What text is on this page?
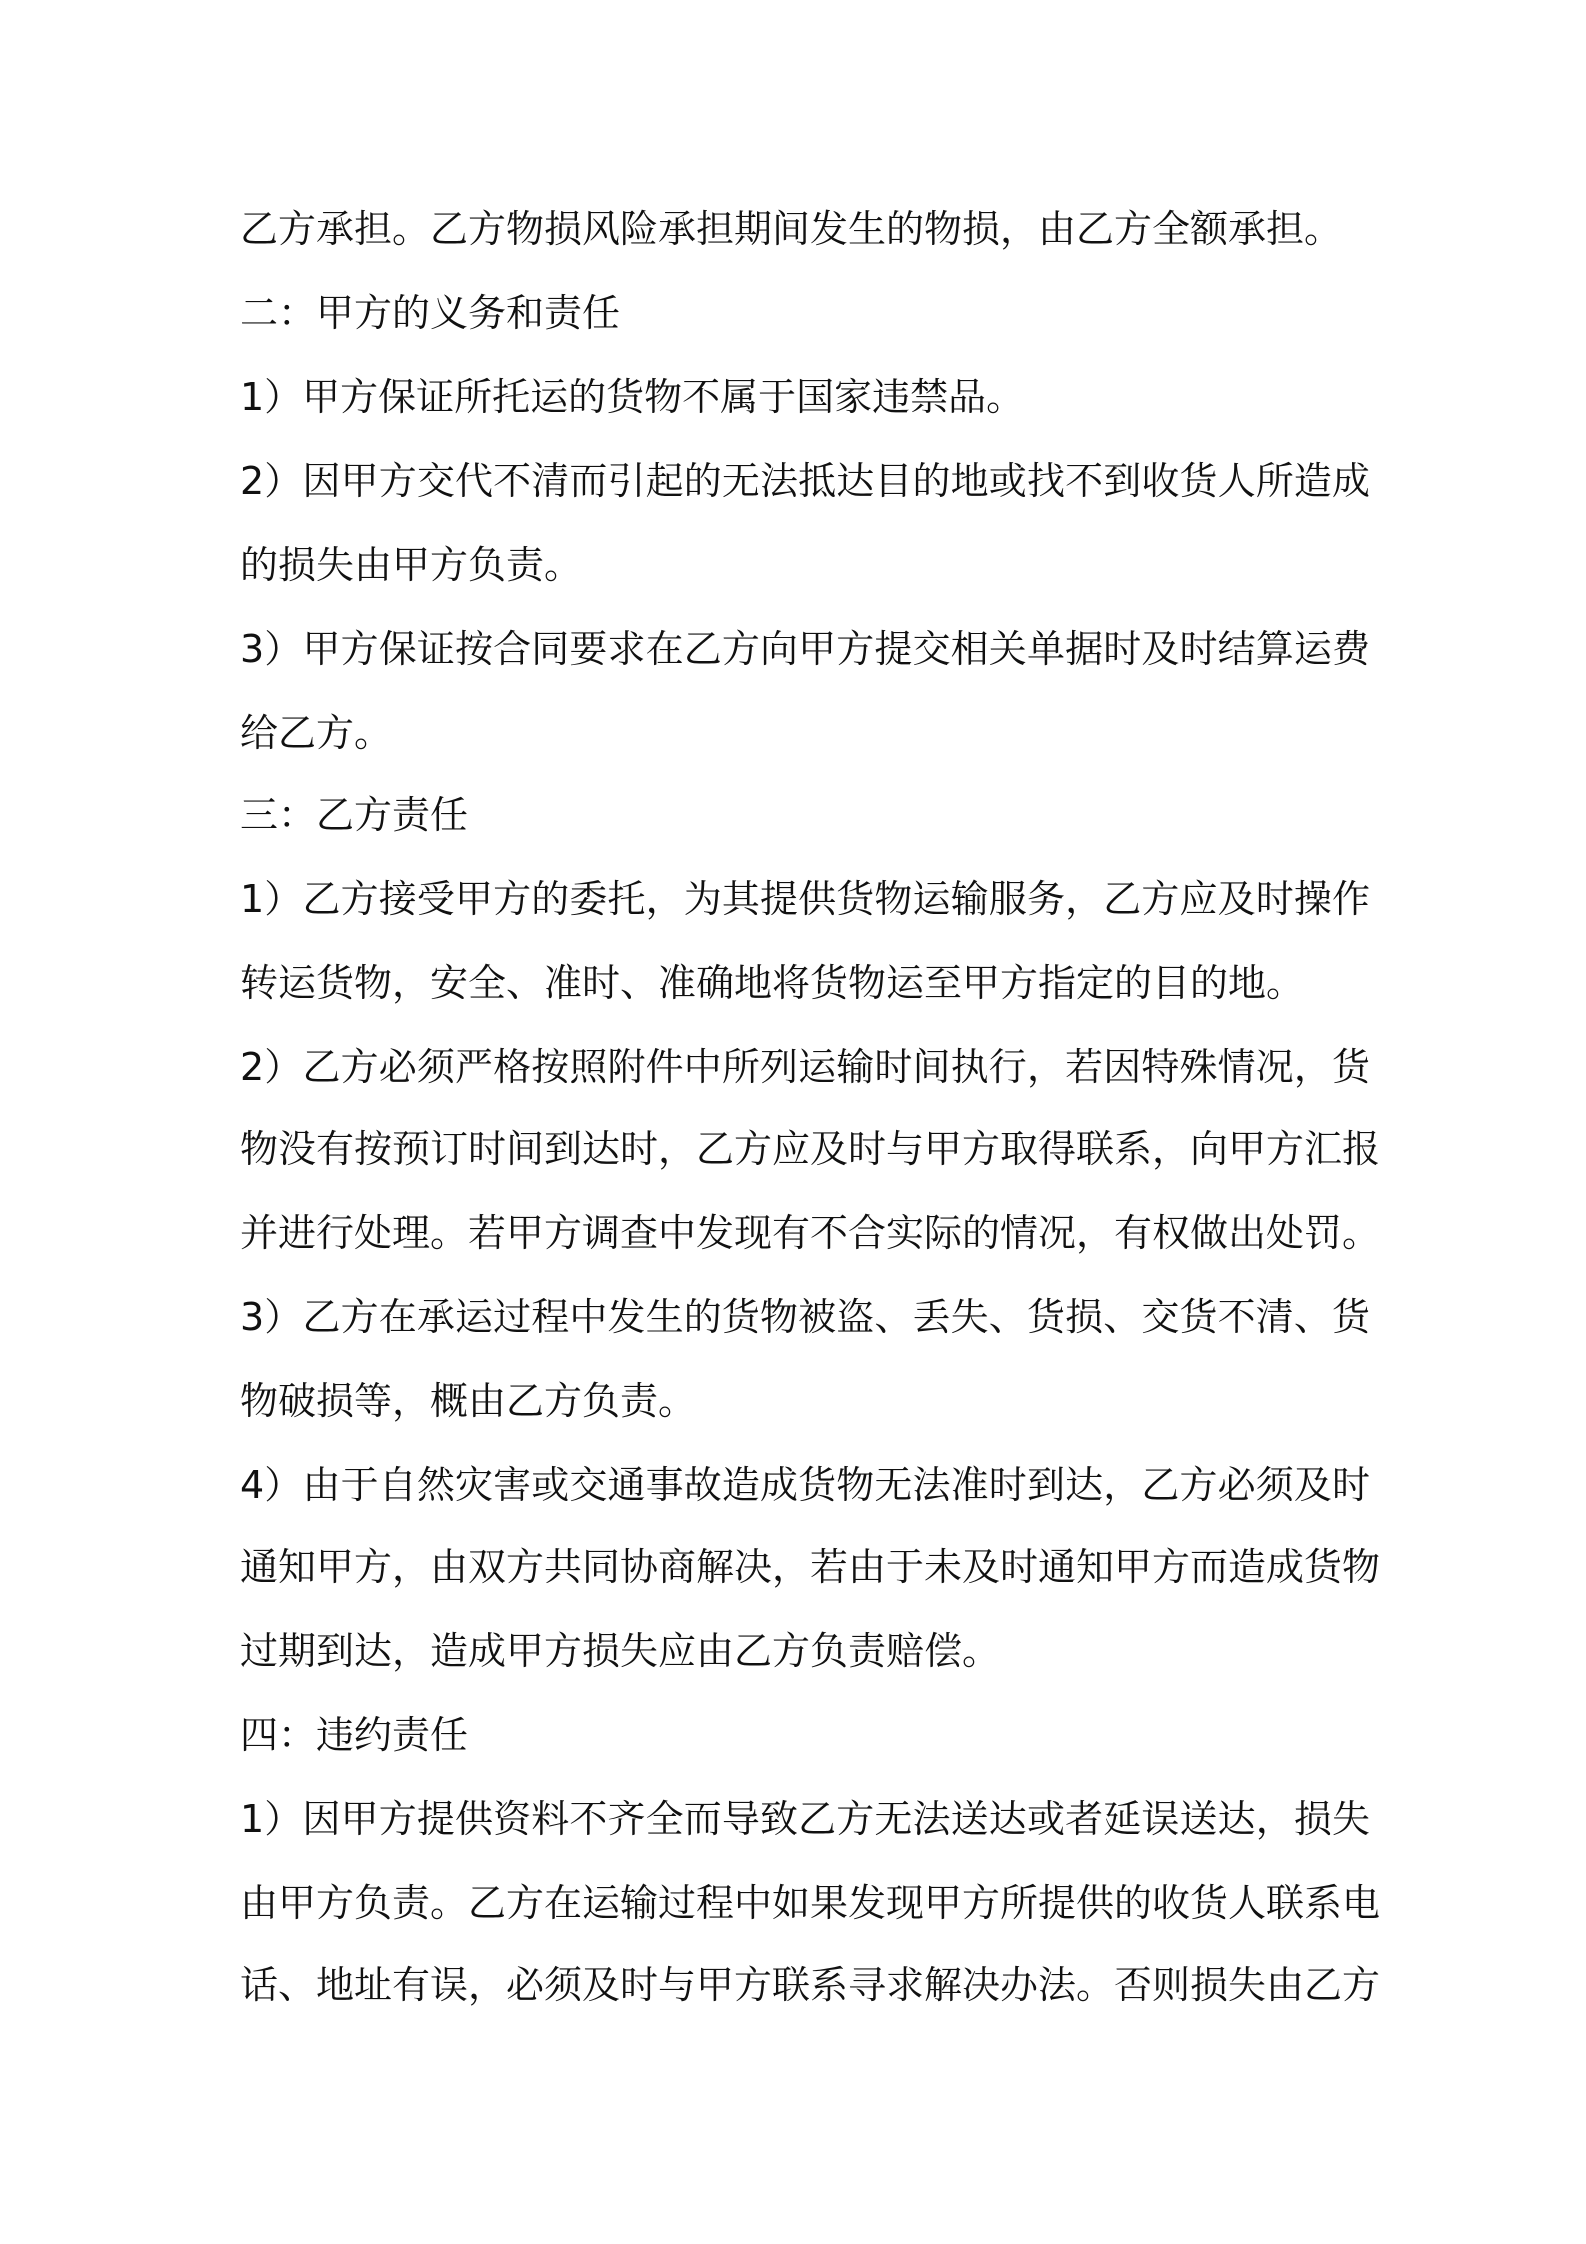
乙方承担。乙方物损风险承担期间发生的物损，由乙方全额承担。
二：甲方的义务和责任
1）甲方保证所托运的货物不属于国家违禁品。
2）因甲方交代不清而引起的无法抵达目的地或找不到收货人所造成
的损失由甲方负责。
3）甲方保证按合同要求在乙方向甲方提交相关单据时及时结算运费
给乙方。
三：乙方责任
1）乙方接受甲方的委托，为其提供货物运输服务，乙方应及时操作
转运货物，安全、准时、准确地将货物运至甲方指定的目的地。
2）乙方必须严格按照附件中所列运输时间执行，若因特殊情况，货
物没有按预订时间到达时，乙方应及时与甲方取得联系，向甲方汇报
并进行处理。若甲方调查中发现有不合实际的情况，有权做出处罚。
3）乙方在承运过程中发生的货物被盗、丢失、货损、交货不清、货
物破损等，概由乙方负责。
4）由于自然灾害或交通事故造成货物无法准时到达，乙方必须及时
通知甲方，由双方共同协商解决，若由于未及时通知甲方而造成货物
过期到达，造成甲方损失应由乙方负责赔偿。
四：违约责任
1）因甲方提供资料不齐全而导致乙方无法送达或者延误送达，损失
由甲方负责。乙方在运输过程中如果发现甲方所提供的收货人联系电
话、地址有误，必须及时与甲方联系寻求解决办法。否则损失由乙方
